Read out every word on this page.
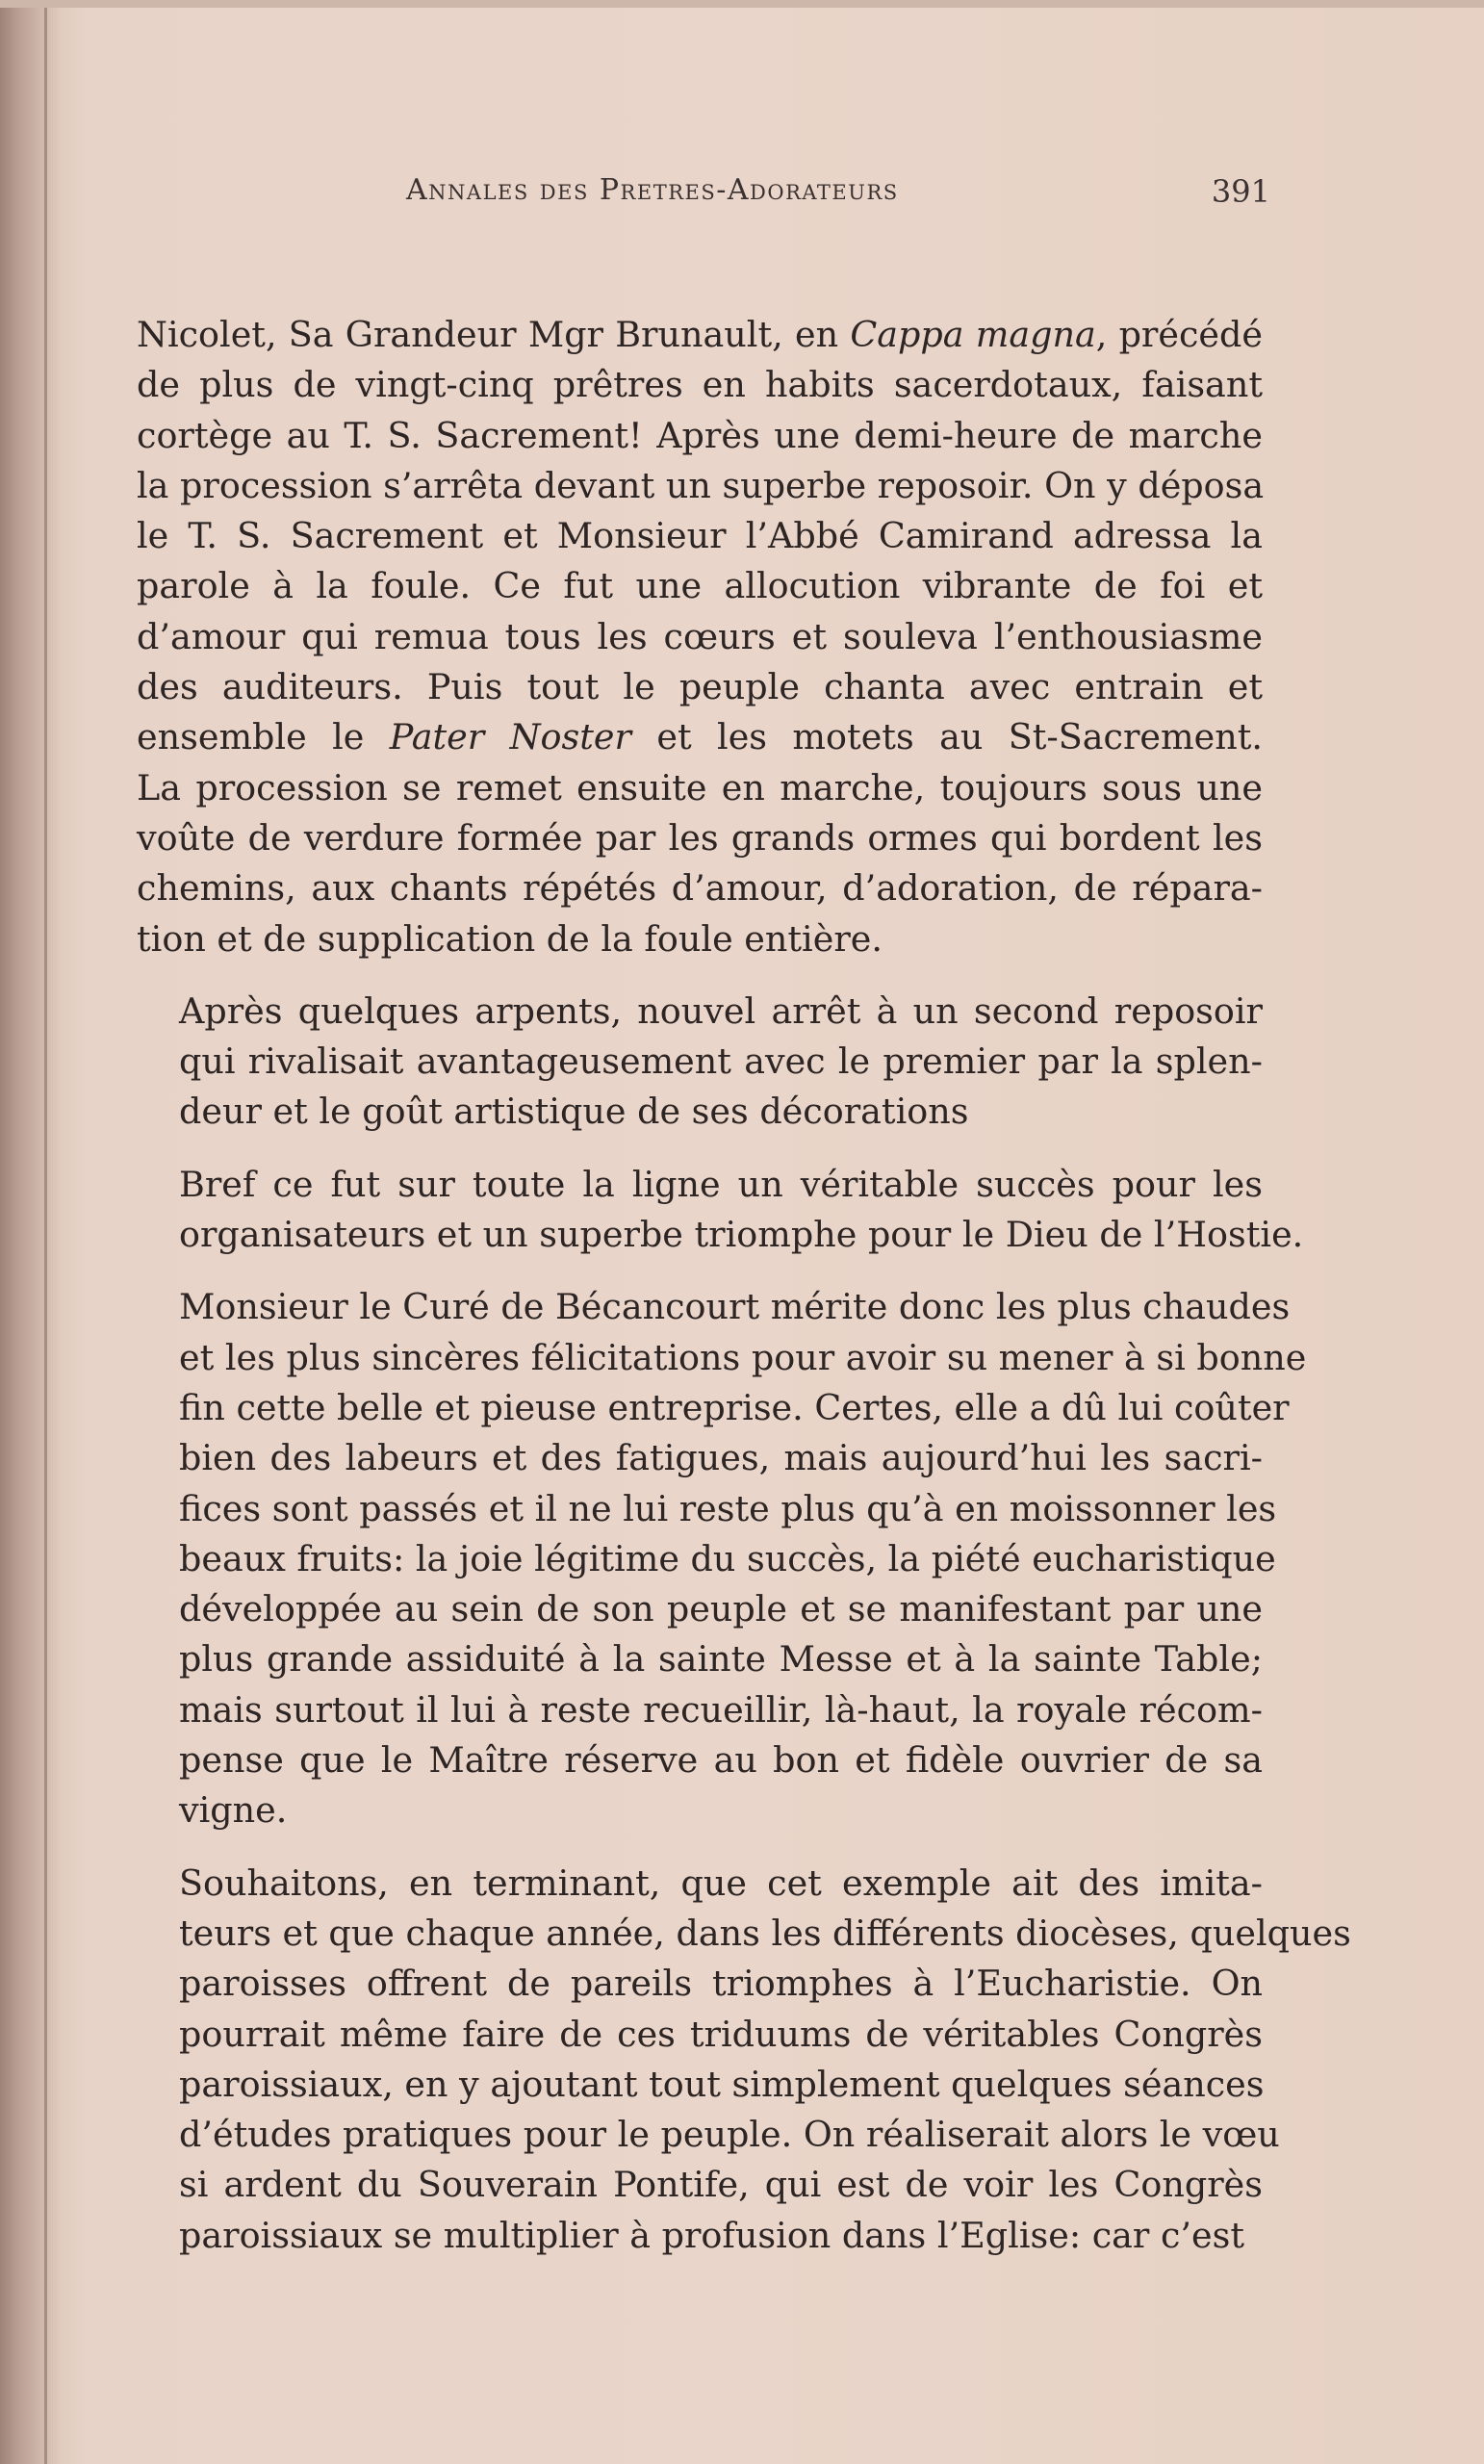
Annales des Pretres-Adorateurs	391
Nicolet, Sa Grandeur Mgr Brunault, en Cappa magna, précédé
de plus de vingt-cinq prêtres en habits sacerdotaux, faisant
cortège au T. S. Sacrement! Après une demi-heure de marche
la procession s’arrêta devant un superbe reposoir. On y déposa
le T. S. Sacrement et Monsieur l’Abbé Camirand adressa la
parole à la foule. Ce fut une allocution vibrante de foi et
d’amour qui remua tous les cœurs et souleva l’enthousiasme
des auditeurs. Puis tout le peuple chanta avec entrain et
ensemble le Pater Noster et les motets au St-Sacrement.
La procession se remet ensuite en marche, toujours sous une
voûte de verdure formée par les grands ormes qui bordent les
chemins, aux chants répétés d’amour, d’adoration, de répara-
tion et de supplication de la foule entière.
Après quelques arpents, nouvel arrêt à un second reposoir
qui rivalisait avantageusement avec le premier par la splen-
deur et le goût artistique de ses décorations
Bref ce fut sur toute la ligne un véritable succès pour les
organisateurs et un superbe triomphe pour le Dieu de l’Hostie.
Monsieur le Curé de Bécancourt mérite donc les plus chaudes
et les plus sincères félicitations pour avoir su mener à si bonne
fin cette belle et pieuse entreprise. Certes, elle a dû lui coûter
bien des labeurs et des fatigues, mais aujourd’hui les sacri-
fices sont passés et il ne lui reste plus qu’à en moissonner les
beaux fruits: la joie légitime du succès, la piété eucharistique
développée au sein de son peuple et se manifestant par une
plus grande assiduité à la sainte Messe et à la sainte Table;
mais surtout il lui à reste recueillir, là-haut, la royale récom-
pense que le Maître réserve au bon et fidèle ouvrier de sa
vigne.
Souhaitons, en terminant, que cet exemple ait des imita-
teurs et que chaque année, dans les différents diocèses, quelques
paroisses offrent de pareils triomphes à l’Eucharistie. On
pourrait même faire de ces triduums de véritables Congrès
paroissiaux, en y ajoutant tout simplement quelques séances
d’études pratiques pour le peuple. On réaliserait alors le vœu
si ardent du Souverain Pontife, qui est de voir les Congrès
paroissiaux se multiplier à profusion dans l’Eglise: car c’est
